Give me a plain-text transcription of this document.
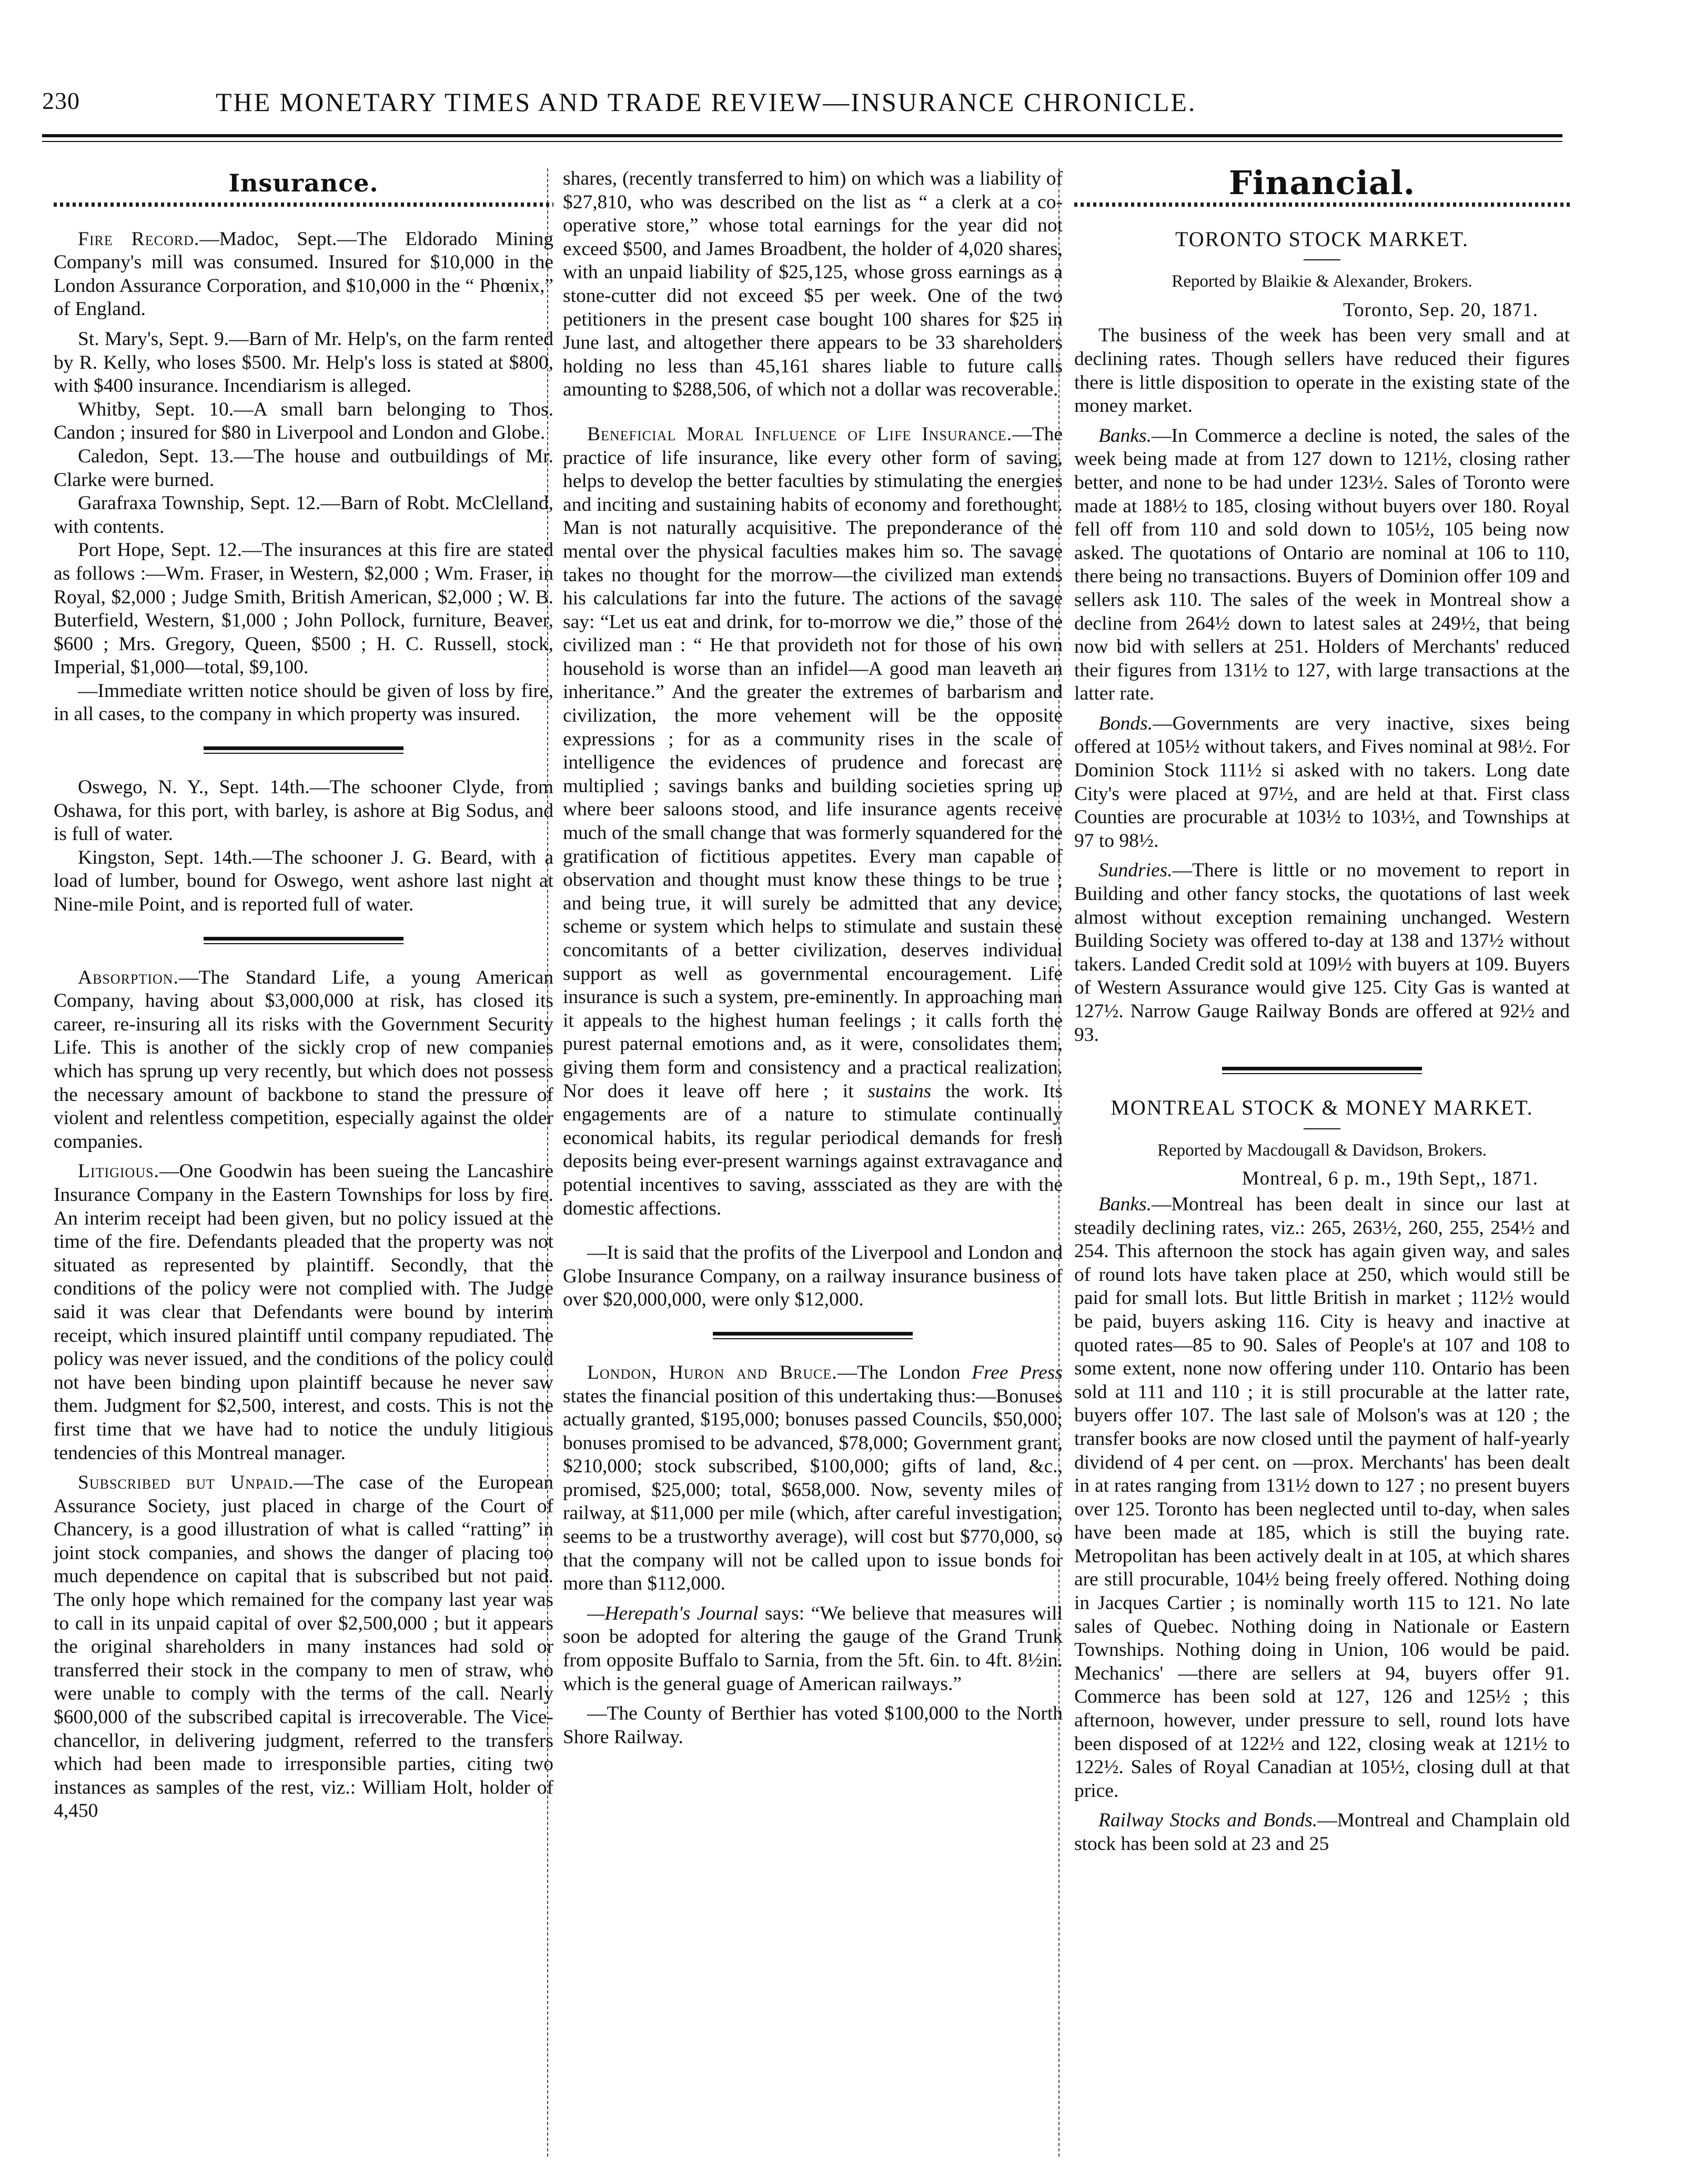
230	THE MONETARY TIMES AND TRADE REVIEW—INSURANCE CHRONICLE.
Insurance.

Fire Record.—Madoc, Sept.—The Eldorado Mining Company's mill was consumed. Insured for $10,000 in the London Assurance Corporation, and $10,000 in the “ Phœnix,” of England.

St. Mary's, Sept. 9.—Barn of Mr. Help's, on the farm rented by R. Kelly, who loses $500. Mr. Help's loss is stated at $800, with $400 insurance. Incendiarism is alleged.

Whitby, Sept. 10.—A small barn belonging to Thos. Candon ; insured for $80 in Liverpool and London and Globe.

Caledon, Sept. 13.—The house and outbuildings of Mr. Clarke were burned.

Garafraxa Township, Sept. 12.—Barn of Robt. McClelland, with contents.

Port Hope, Sept. 12.—The insurances at this fire are stated as follows :—Wm. Fraser, in Western, $2,000 ; Wm. Fraser, in Royal, $2,000 ; Judge Smith, British American, $2,000 ; W. B. Buterfield, Western, $1,000 ; John Pollock, furniture, Beaver, $600 ; Mrs. Gregory, Queen, $500 ; H. C. Russell, stock, Imperial, $1,000—total, $9,100.

—Immediate written notice should be given of loss by fire, in all cases, to the company in which property was insured.

Oswego, N. Y., Sept. 14th.—The schooner Clyde, from Oshawa, for this port, with barley, is ashore at Big Sodus, and is full of water.

Kingston, Sept. 14th.—The schooner J. G. Beard, with a load of lumber, bound for Oswego, went ashore last night at Nine-mile Point, and is reported full of water.

Absorption.—The Standard Life, a young American Company, having about $3,000,000 at risk, has closed its career, re-insuring all its risks with the Government Security Life. This is another of the sickly crop of new companies which has sprung up very recently, but which does not possess the necessary amount of backbone to stand the pressure of violent and relentless competition, especially against the older companies.

Litigious.—One Goodwin has been sueing the Lancashire Insurance Company in the Eastern Townships for loss by fire. An interim receipt had been given, but no policy issued at the time of the fire. Defendants pleaded that the property was not situated as represented by plaintiff. Secondly, that the conditions of the policy were not complied with. The Judge said it was clear that Defendants were bound by interim receipt, which insured plaintiff until company repudiated. The policy was never issued, and the conditions of the policy could not have been binding upon plaintiff because he never saw them. Judgment for $2,500, interest, and costs. This is not the first time that we have had to notice the unduly litigious tendencies of this Montreal manager.

Subscribed but Unpaid.—The case of the European Assurance Society, just placed in charge of the Court of Chancery, is a good illustration of what is called “ratting” in joint stock companies, and shows the danger of placing too much dependence on capital that is subscribed but not paid. The only hope which remained for the company last year was to call in its unpaid capital of over $2,500,000 ; but it appears the original shareholders in many instances had sold or transferred their stock in the company to men of straw, who were unable to comply with the terms of the call. Nearly $600,000 of the subscribed capital is irrecoverable. The Vice-chancellor, in delivering judgment, referred to the transfers which had been made to irresponsible parties, citing two instances as samples of the rest, viz.: William Holt, holder of 4,450

shares, (recently transferred to him) on which was a liability of $27,810, who was described on the list as “ a clerk at a co-operative store,” whose total earnings for the year did not exceed $500, and James Broadbent, the holder of 4,020 shares, with an unpaid liability of $25,125, whose gross earnings as a stone-cutter did not exceed $5 per week. One of the two petitioners in the present case bought 100 shares for $25 in June last, and altogether there appears to be 33 shareholders holding no less than 45,161 shares liable to future calls amounting to $288,506, of which not a dollar was recoverable.

Beneficial Moral Influence of Life Insurance.—The practice of life insurance, like every other form of saving, helps to develop the better faculties by stimulating the energies and inciting and sustaining habits of economy and forethought. Man is not naturally acquisitive. The preponderance of the mental over the physical faculties makes him so. The savage takes no thought for the morrow—the civilized man extends his calculations far into the future. The actions of the savage say: “Let us eat and drink, for to-morrow we die,” those of the civilized man : “ He that provideth not for those of his own household is worse than an infidel—A good man leaveth an inheritance.” And the greater the extremes of barbarism and civilization, the more vehement will be the opposite expressions ; for as a community rises in the scale of intelligence the evidences of prudence and forecast are multiplied ; savings banks and building societies spring up where beer saloons stood, and life insurance agents receive much of the small change that was formerly squandered for the gratification of fictitious appetites. Every man capable of observation and thought must know these things to be true ; and being true, it will surely be admitted that any device, scheme or system which helps to stimulate and sustain these concomitants of a better civilization, deserves individual support as well as governmental encouragement. Life insurance is such a system, pre-eminently. In approaching man it appeals to the highest human feelings ; it calls forth the purest paternal emotions and, as it were, consolidates them, giving them form and consistency and a practical realization. Nor does it leave off here ; it sustains the work. Its engagements are of a nature to stimulate continually economical habits, its regular periodical demands for fresh deposits being ever-present warnings against extravagance and potential incentives to saving, asssciated as they are with the domestic affections.

—It is said that the profits of the Liverpool and London and Globe Insurance Company, on a railway insurance business of over $20,000,000, were only $12,000.

London, Huron and Bruce.—The London Free Press states the financial position of this undertaking thus:—Bonuses actually granted, $195,000; bonuses passed Councils, $50,000; bonuses promised to be advanced, $78,000; Government grant, $210,000; stock subscribed, $100,000; gifts of land, &c., promised, $25,000; total, $658,000. Now, seventy miles of railway, at $11,000 per mile (which, after careful investigation, seems to be a trustworthy average), will cost but $770,000, so that the company will not be called upon to issue bonds for more than $112,000.

—Herepath's Journal says: “We believe that measures will soon be adopted for altering the gauge of the Grand Trunk from opposite Buffalo to Sarnia, from the 5ft. 6in. to 4ft. 8½in. which is the general guage of American railways.”

—The County of Berthier has voted $100,000 to the North Shore Railway.

Financial.
TORONTO STOCK MARKET.
Reported by Blaikie & Alexander, Brokers.
Toronto, Sep. 20, 1871.

The business of the week has been very small and at declining rates. Though sellers have reduced their figures there is little disposition to operate in the existing state of the money market.

Banks.—In Commerce a decline is noted, the sales of the week being made at from 127 down to 121½, closing rather better, and none to be had under 123½. Sales of Toronto were made at 188½ to 185, closing without buyers over 180. Royal fell off from 110 and sold down to 105½, 105 being now asked. The quotations of Ontario are nominal at 106 to 110, there being no transactions. Buyers of Dominion offer 109 and sellers ask 110. The sales of the week in Montreal show a decline from 264½ down to latest sales at 249½, that being now bid with sellers at 251. Holders of Merchants' reduced their figures from 131½ to 127, with large transactions at the latter rate.

Bonds.—Governments are very inactive, sixes being offered at 105½ without takers, and Fives nominal at 98½. For Dominion Stock 111½ si asked with no takers. Long date City's were placed at 97½, and are held at that. First class Counties are procurable at 103½ to 103½, and Townships at 97 to 98½.

Sundries.—There is little or no movement to report in Building and other fancy stocks, the quotations of last week almost without exception remaining unchanged. Western Building Society was offered to-day at 138 and 137½ without takers. Landed Credit sold at 109½ with buyers at 109. Buyers of Western Assurance would give 125. City Gas is wanted at 127½. Narrow Gauge Railway Bonds are offered at 92½ and 93.

MONTREAL STOCK & MONEY MARKET.
Reported by Macdougall & Davidson, Brokers.
Montreal, 6 p. m., 19th Sept,, 1871.

Banks.—Montreal has been dealt in since our last at steadily declining rates, viz.: 265, 263½, 260, 255, 254½ and 254. This afternoon the stock has again given way, and sales of round lots have taken place at 250, which would still be paid for small lots. But little British in market ; 112½ would be paid, buyers asking 116. City is heavy and inactive at quoted rates—85 to 90. Sales of People's at 107 and 108 to some extent, none now offering under 110. Ontario has been sold at 111 and 110 ; it is still procurable at the latter rate, buyers offer 107. The last sale of Molson's was at 120 ; the transfer books are now closed until the payment of half-yearly dividend of 4 per cent. on —prox. Merchants' has been dealt in at rates ranging from 131½ down to 127 ; no present buyers over 125. Toronto has been neglected until to-day, when sales have been made at 185, which is still the buying rate. Metropolitan has been actively dealt in at 105, at which shares are still procurable, 104½ being freely offered. Nothing doing in Jacques Cartier ; is nominally worth 115 to 121. No late sales of Quebec. Nothing doing in Nationale or Eastern Townships. Nothing doing in Union, 106 would be paid. Mechanics' —there are sellers at 94, buyers offer 91. Commerce has been sold at 127, 126 and 125½ ; this afternoon, however, under pressure to sell, round lots have been disposed of at 122½ and 122, closing weak at 121½ to 122½. Sales of Royal Canadian at 105½, closing dull at that price.

Railway Stocks and Bonds.—Montreal and Champlain old stock has been sold at 23 and 25
